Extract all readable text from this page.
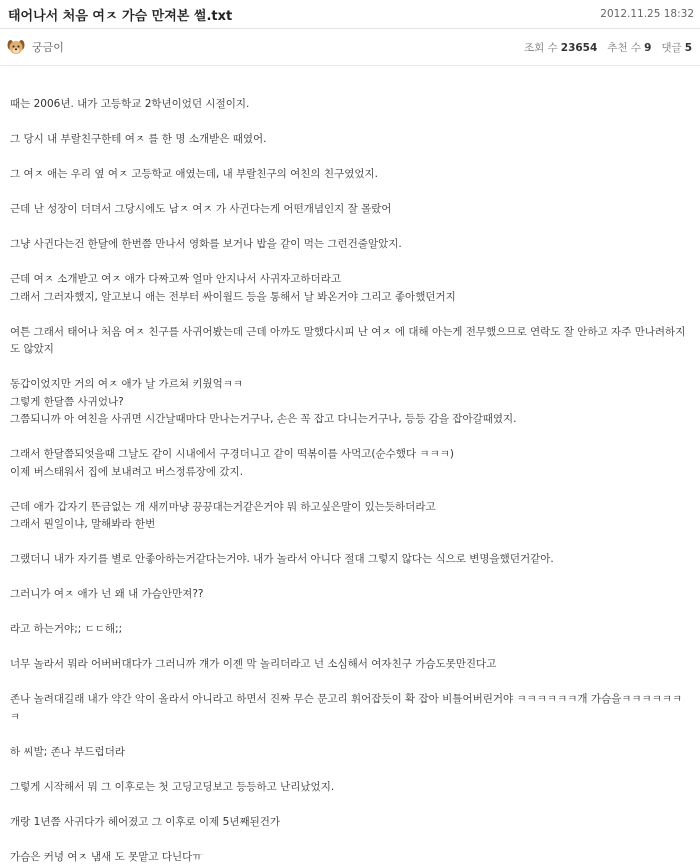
태어나서 처음 여ㅈ 가슴 만져본 썰.txt	2012.11.25 18:32
궁금이	조회 수 23654 추천 수 9 댓글 5

때는 2006년. 내가 고등학교 2학년이었던 시절이지.

그 당시 내 부랄친구한테 여ㅈ 를 한 명 소개받은 때였어.

그 여ㅈ 애는 우리 옆 여ㅈ 고등학교 애였는데, 내 부랄친구의 여친의 친구였었지.

근데 난 성장이 더뎌서 그당시에도 남ㅈ 여ㅈ 가 사귄다는게 어떤개념인지 잘 몰랐어

그냥 사귄다는건 한달에 한번쯤 만나서 영화를 보거나 밥을 같이 먹는 그런건줄알았지.

근데 여ㅈ 소개받고 여ㅈ 애가 다짜고짜 얼마 안지나서 사귀자고하더라고
그래서 그러자했지, 알고보니 애는 전부터 싸이월드 등을 통해서 날 봐온거야 그리고 좋아했던거지

여튼 그래서 태어나 처음 여ㅈ 친구를 사귀어봤는데 근데 아까도 말했다시피 난 여ㅈ 에 대해 아는게 전무했으므로 연락도 잘 안하고 자주 만나려하지도 않았지

동갑이었지만 거의 여ㅈ 애가 날 가르쳐 키웠엌ㅋㅋ
그렇게 한달쯤 사귀었나?
그쯤되니까 아 여친을 사귀면 시간날때마다 만나는거구나, 손은 꼭 잡고 다니는거구나, 등등 감을 잡아갈때였지.

그래서 한달쯤되엇을때 그날도 같이 시내에서 구경더니고 같이 떡볶이를 사먹고(순수했다 ㅋㅋㅋ)
이제 버스태워서 집에 보내려고 버스정류장에 갔지.

근데 애가 갑자기 뜬금없는 개 새끼마냥 끙끙대는거같은거야 뭐 하고싶은말이 있는듯하더라고
그래서 뭔일이냐, 말해봐라 한번

그랬더니 내가 자기를 별로 안좋아하는거같다는거야. 내가 놀라서 아니다 절대 그렇지 않다는 식으로 변명을했던거같아.

그러니가 여ㅈ 애가 넌 왜 내 가슴안만져??

라고 하는거야;; ㄷㄷ해;;

너무 놀라서 뭐라 어버버대다가 그러니까 걔가 이젠 막 놀리더라고 넌 소심해서 여자친구 가슴도못만진다고

존나 놀려대길래 내가 약간 악이 올라서 아니라고 하면서 진짜 무슨 문고리 휘어잡듯이 확 잡아 비틀어버린거야 ㅋㅋㅋㅋㅋㅋ개 가슴을ㅋㅋㅋㅋㅋㅋㅋ

하 씨발; 존나 부드럽더라

그렇게 시작해서 뭐 그 이후로는 첫 고딩고딩보고 등등하고 난리났었지.

개랑 1년쯤 사귀다가 헤어졌고 그 이후로 이제 5년째된건가

가슴은 커녕 여ㅈ 냄새 도 못맡고 다닌다ㅠ
